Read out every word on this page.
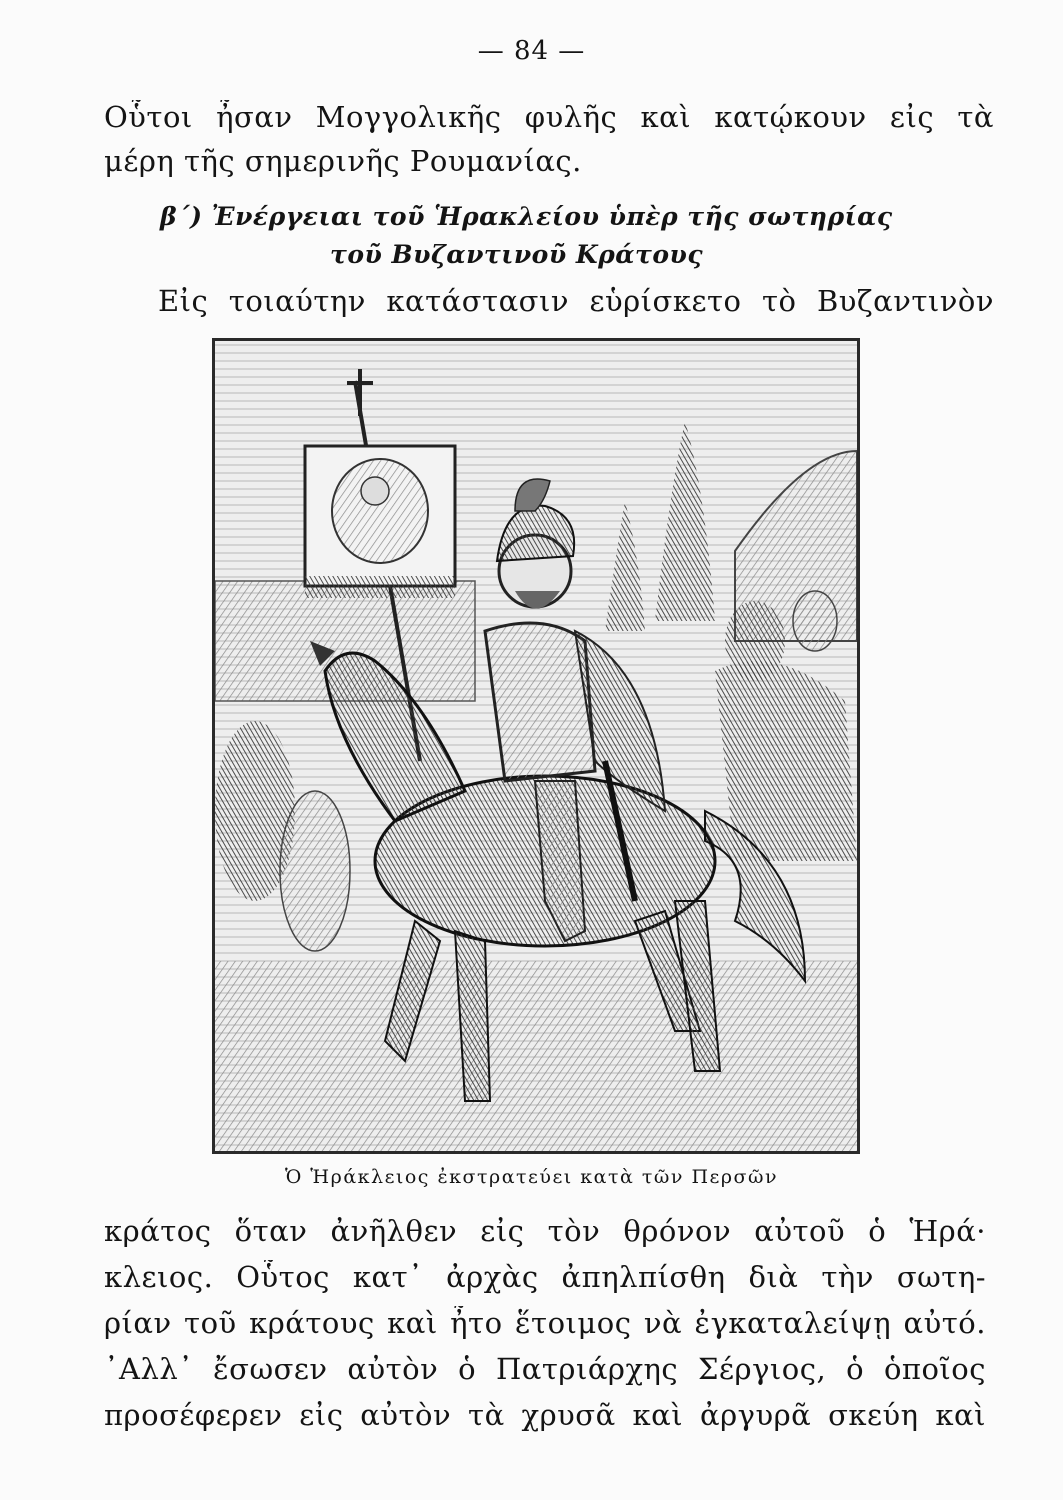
— 84 —
Οὗτοι ἦσαν Μογγολικῆς φυλῆς καὶ κατῴκουν εἰς τὰ
μέρη τῆς σημερινῆς Ρουμανίας.
β΄) Ἐνέργειαι τοῦ Ἡρακλείου ὑπὲρ τῆς σωτηρίας
τοῦ Βυζαντινοῦ Κράτους
Εἰς τοιαύτην κατάστασιν εὑρίσκετο τὸ Βυζαντινὸν
Ὁ Ἡράκλειος ἐκστρατεύει κατὰ τῶν Περσῶν
κράτος ὅταν ἀνῆλθεν εἰς τὸν θρόνον αὐτοῦ ὁ Ἡρά·
κλειος. Οὗτος κατ᾽ ἀρχὰς ἀπηλπίσθη διὰ τὴν σωτη-
ρίαν τοῦ κράτους καὶ ἦτο ἕτοιμος νὰ ἐγκαταλείψῃ αὐτό.
᾽Αλλ᾽ ἔσωσεν αὐτὸν ὁ Πατριάρχης Σέργιος, ὁ ὁποῖος
προσέφερεν εἰς αὐτὸν τὰ χρυσᾶ καὶ ἀργυρᾶ σκεύη καὶ
